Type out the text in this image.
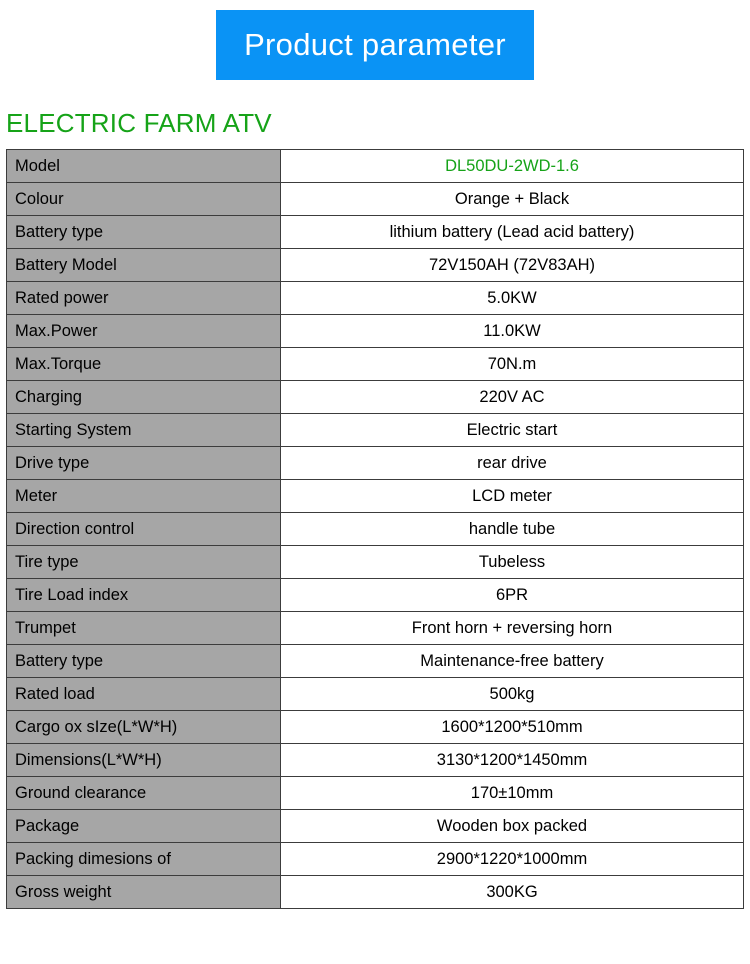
Product parameter
ELECTRIC FARM ATV
Model	DL50DU-2WD-1.6
Colour	Orange + Black
Battery type	lithium battery (Lead acid battery)
Battery Model	72V150AH (72V83AH)
Rated power	5.0KW
Max.Power	11.0KW
Max.Torque	70N.m
Charging	220V AC
Starting System	Electric start
Drive type	rear drive
Meter	LCD meter
Direction control	handle tube
Tire type	Tubeless
Tire Load index	6PR
Trumpet	Front horn + reversing horn
Battery type	Maintenance-free battery
Rated load	500kg
Cargo ox sIze(L*W*H)	1600*1200*510mm
Dimensions(L*W*H)	3130*1200*1450mm
Ground clearance	170±10mm
Package	Wooden box packed
Packing dimesions of	2900*1220*1000mm
Gross weight	300KG
